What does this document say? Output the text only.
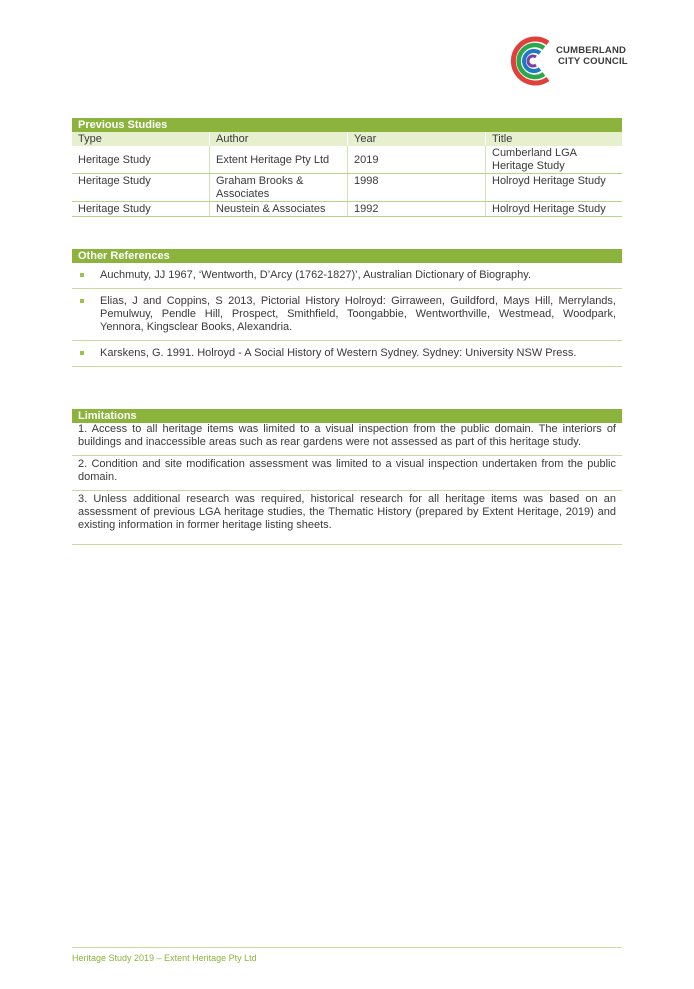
CUMBERLAND
CITY COUNCIL
Previous Studies
Type	Author	Year	Title
Heritage Study	Extent Heritage Pty Ltd	2019	Cumberland LGA Heritage Study
Heritage Study	Graham Brooks & Associates	1998	Holroyd Heritage Study
Heritage Study	Neustein & Associates	1992	Holroyd Heritage Study
Other References
Auchmuty, JJ 1967, ‘Wentworth, D’Arcy (1762-1827)’, Australian Dictionary of Biography.
Elias, J and Coppins, S 2013, Pictorial History Holroyd: Girraween, Guildford, Mays Hill, Merrylands, Pemulwuy, Pendle Hill, Prospect, Smithfield, Toongabbie, Wentworthville, Westmead, Woodpark, Yennora, Kingsclear Books, Alexandria.
Karskens, G. 1991. Holroyd - A Social History of Western Sydney. Sydney: University NSW Press.
Limitations
1. Access to all heritage items was limited to a visual inspection from the public domain. The interiors of buildings and inaccessible areas such as rear gardens were not assessed as part of this heritage study.
2. Condition and site modification assessment was limited to a visual inspection undertaken from the public domain.
3. Unless additional research was required, historical research for all heritage items was based on an assessment of previous LGA heritage studies, the Thematic History (prepared by Extent Heritage, 2019) and existing information in former heritage listing sheets.
Heritage Study 2019 – Extent Heritage Pty Ltd
